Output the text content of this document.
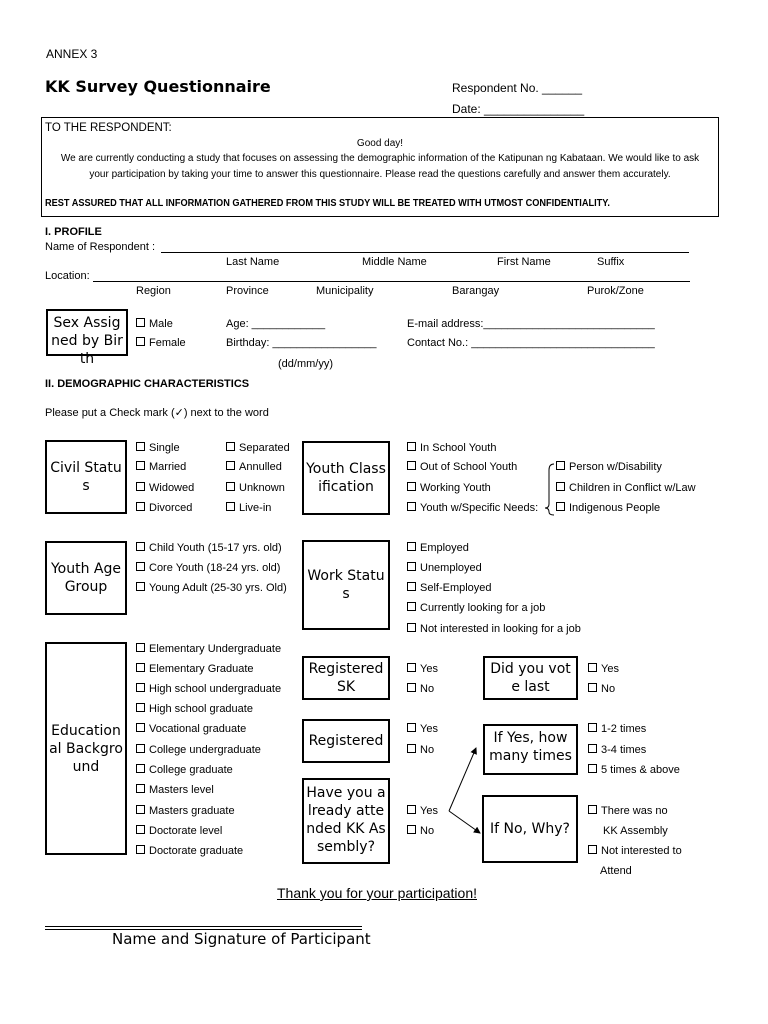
ANNEX 3
KK Survey Questionnaire	Respondent No. ______
Date: _______________
TO THE RESPONDENT:
Good day!
We are currently conducting a study that focuses on assessing the demographic information of the Katipunan ng Kabataan. We would like to ask
your participation by taking your time to answer this questionnaire. Please read the questions carefully and answer them accurately.
REST ASSURED THAT ALL INFORMATION GATHERED FROM THIS STUDY WILL BE TREATED WITH UTMOST CONFIDENTIALITY.
I. PROFILE
Name of Respondent :
Last Name	Middle Name	First Name	Suffix
Location:
Region	Province	Municipality	Barangay	Purok/Zone
Sex Assigned by Birth
Male
Female
Age: ____________
Birthday: _________________
(dd/mm/yy)
E-mail address:____________________________
Contact No.: ______________________________
II. DEMOGRAPHIC CHARACTERISTICS
Please put a Check mark (✓) next to the word
Civil Status
Single
Married
Widowed
Divorced
Separated
Annulled
Unknown
Live-in
Youth Classification
In School Youth
Out of School Youth
Working Youth
Youth w/Specific Needs:
Person w/Disability
Children in Conflict w/Law
Indigenous People
Youth Age Group
Child Youth (15-17 yrs. old)
Core Youth (18-24 yrs. old)
Young Adult (25-30 yrs. Old)
Work Status
Employed
Unemployed
Self-Employed
Currently looking for a job
Not interested in looking for a job
Educational Background
Elementary Undergraduate
Elementary Graduate
High school undergraduate
High school graduate
Vocational graduate
College undergraduate
College graduate
Masters level
Masters graduate
Doctorate level
Doctorate graduate
Registered SK
Yes
No
Registered
Yes
No
Have you already attended KK Assembly?
Yes
No
Did you vote last
Yes
No
If Yes, how many times
1-2 times
3-4 times
5 times & above
If No, Why?
There was no
KK Assembly
Not interested to
Attend
Thank you for your participation!
Name and Signature of Participant
